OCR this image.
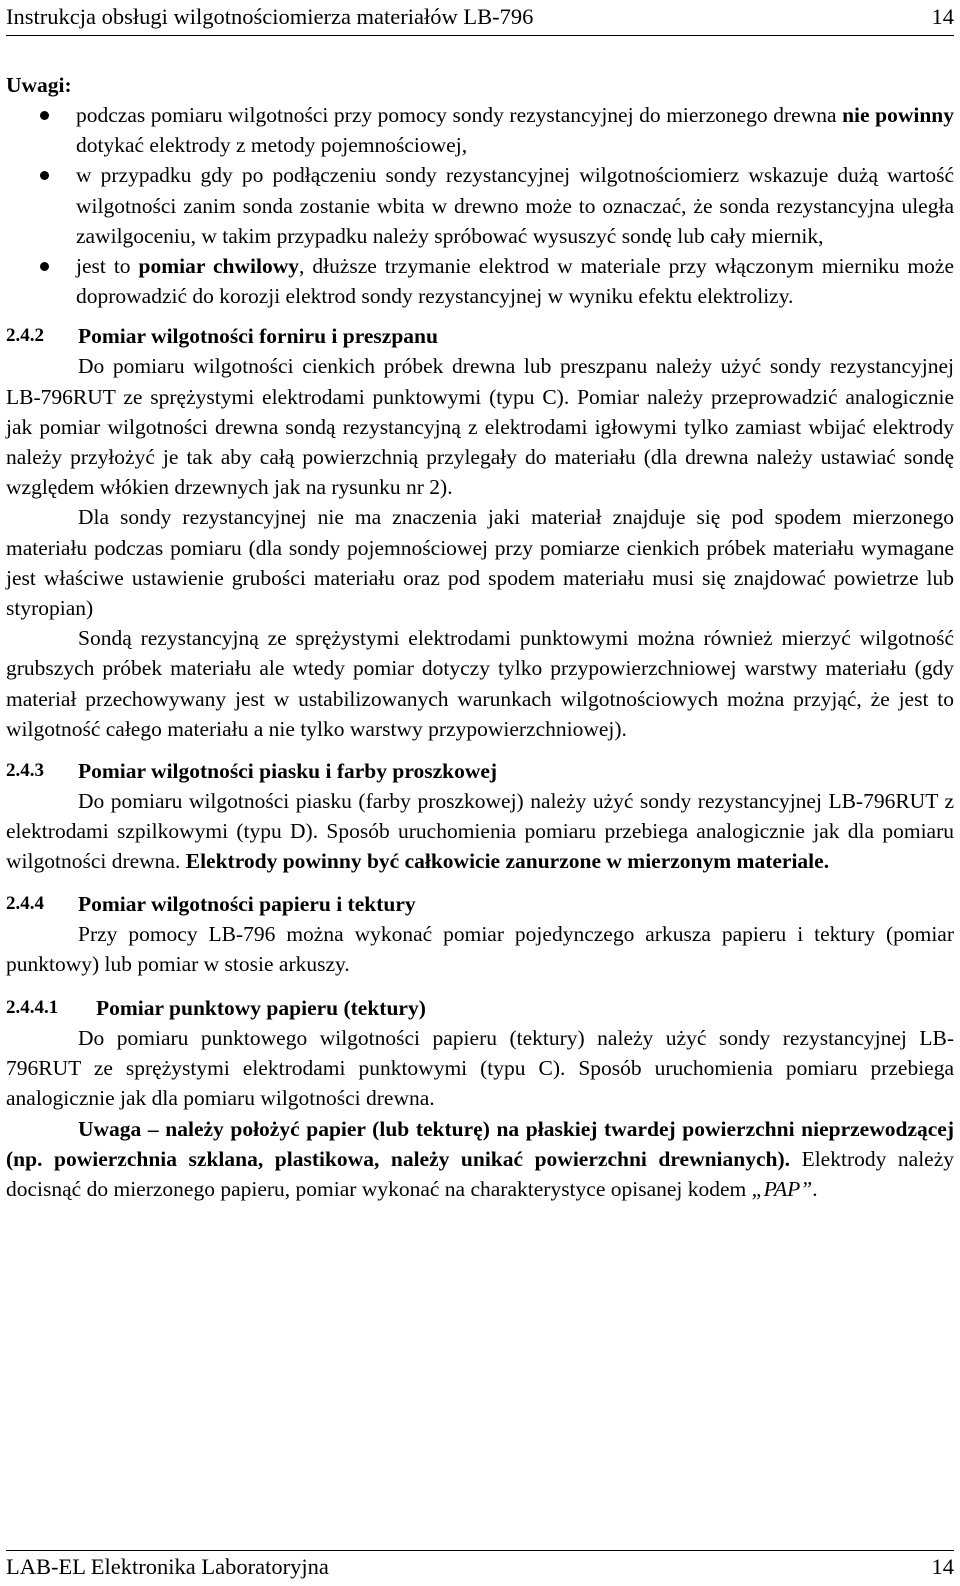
Instrukcja obsługi wilgotnościomierza materiałów LB-796	14

Uwagi:

podczas pomiaru wilgotności przy pomocy sondy rezystancyjnej do mierzonego drewna nie powinny dotykać elektrody z metody pojemnościowej,
w przypadku gdy po podłączeniu sondy rezystancyjnej wilgotnościomierz wskazuje dużą wartość wilgotności zanim sonda zostanie wbita w drewno może to oznaczać, że sonda rezystancyjna uległa zawilgoceniu, w takim przypadku należy spróbować wysuszyć sondę lub cały miernik,
jest to pomiar chwilowy, dłuższe trzymanie elektrod w materiale przy włączonym mierniku może doprowadzić do korozji elektrod sondy rezystancyjnej w wyniku efektu elektrolizy.
2.4.2	Pomiar wilgotności forniru i preszpanu

Do pomiaru wilgotności cienkich próbek drewna lub preszpanu należy użyć sondy rezystancyjnej LB-796RUT ze sprężystymi elektrodami punktowymi (typu C). Pomiar należy przeprowadzić analogicznie jak pomiar wilgotności drewna sondą rezystancyjną z elektrodami igłowymi tylko zamiast wbijać elektrody należy przyłożyć je tak aby całą powierzchnią przylegały do materiału (dla drewna należy ustawiać sondę względem włókien drzewnych jak na rysunku nr 2).

Dla sondy rezystancyjnej nie ma znaczenia jaki materiał znajduje się pod spodem mierzonego materiału podczas pomiaru (dla sondy pojemnościowej przy pomiarze cienkich próbek materiału wymagane jest właściwe ustawienie grubości materiału oraz pod spodem materiału musi się znajdować powietrze lub styropian)

Sondą rezystancyjną ze sprężystymi elektrodami punktowymi można również mierzyć wilgotność grubszych próbek materiału ale wtedy pomiar dotyczy tylko przypowierzchniowej warstwy materiału (gdy materiał przechowywany jest w ustabilizowanych warunkach wilgotnościowych można przyjąć, że jest to wilgotność całego materiału a nie tylko warstwy przypowierzchniowej).

2.4.3	Pomiar wilgotności piasku i farby proszkowej

Do pomiaru wilgotności piasku (farby proszkowej) należy użyć sondy rezystancyjnej LB-796RUT z elektrodami szpilkowymi (typu D). Sposób uruchomienia pomiaru przebiega analogicznie jak dla pomiaru wilgotności drewna. Elektrody powinny być całkowicie zanurzone w mierzonym materiale.

2.4.4	Pomiar wilgotności papieru i tektury

Przy pomocy LB-796 można wykonać pomiar pojedynczego arkusza papieru i tektury (pomiar punktowy) lub pomiar w stosie arkuszy.

2.4.4.1	Pomiar punktowy papieru (tektury)

Do pomiaru punktowego wilgotności papieru (tektury) należy użyć sondy rezystancyjnej LB-796RUT ze sprężystymi elektrodami punktowymi (typu C). Sposób uruchomienia pomiaru przebiega analogicznie jak dla pomiaru wilgotności drewna.

Uwaga – należy położyć papier (lub tekturę) na płaskiej twardej powierzchni nieprzewodzącej (np. powierzchnia szklana, plastikowa, należy unikać powierzchni drewnianych). Elektrody należy docisnąć do mierzonego papieru, pomiar wykonać na charakterystyce opisanej kodem „PAP”.

LAB-EL Elektronika Laboratoryjna	14
